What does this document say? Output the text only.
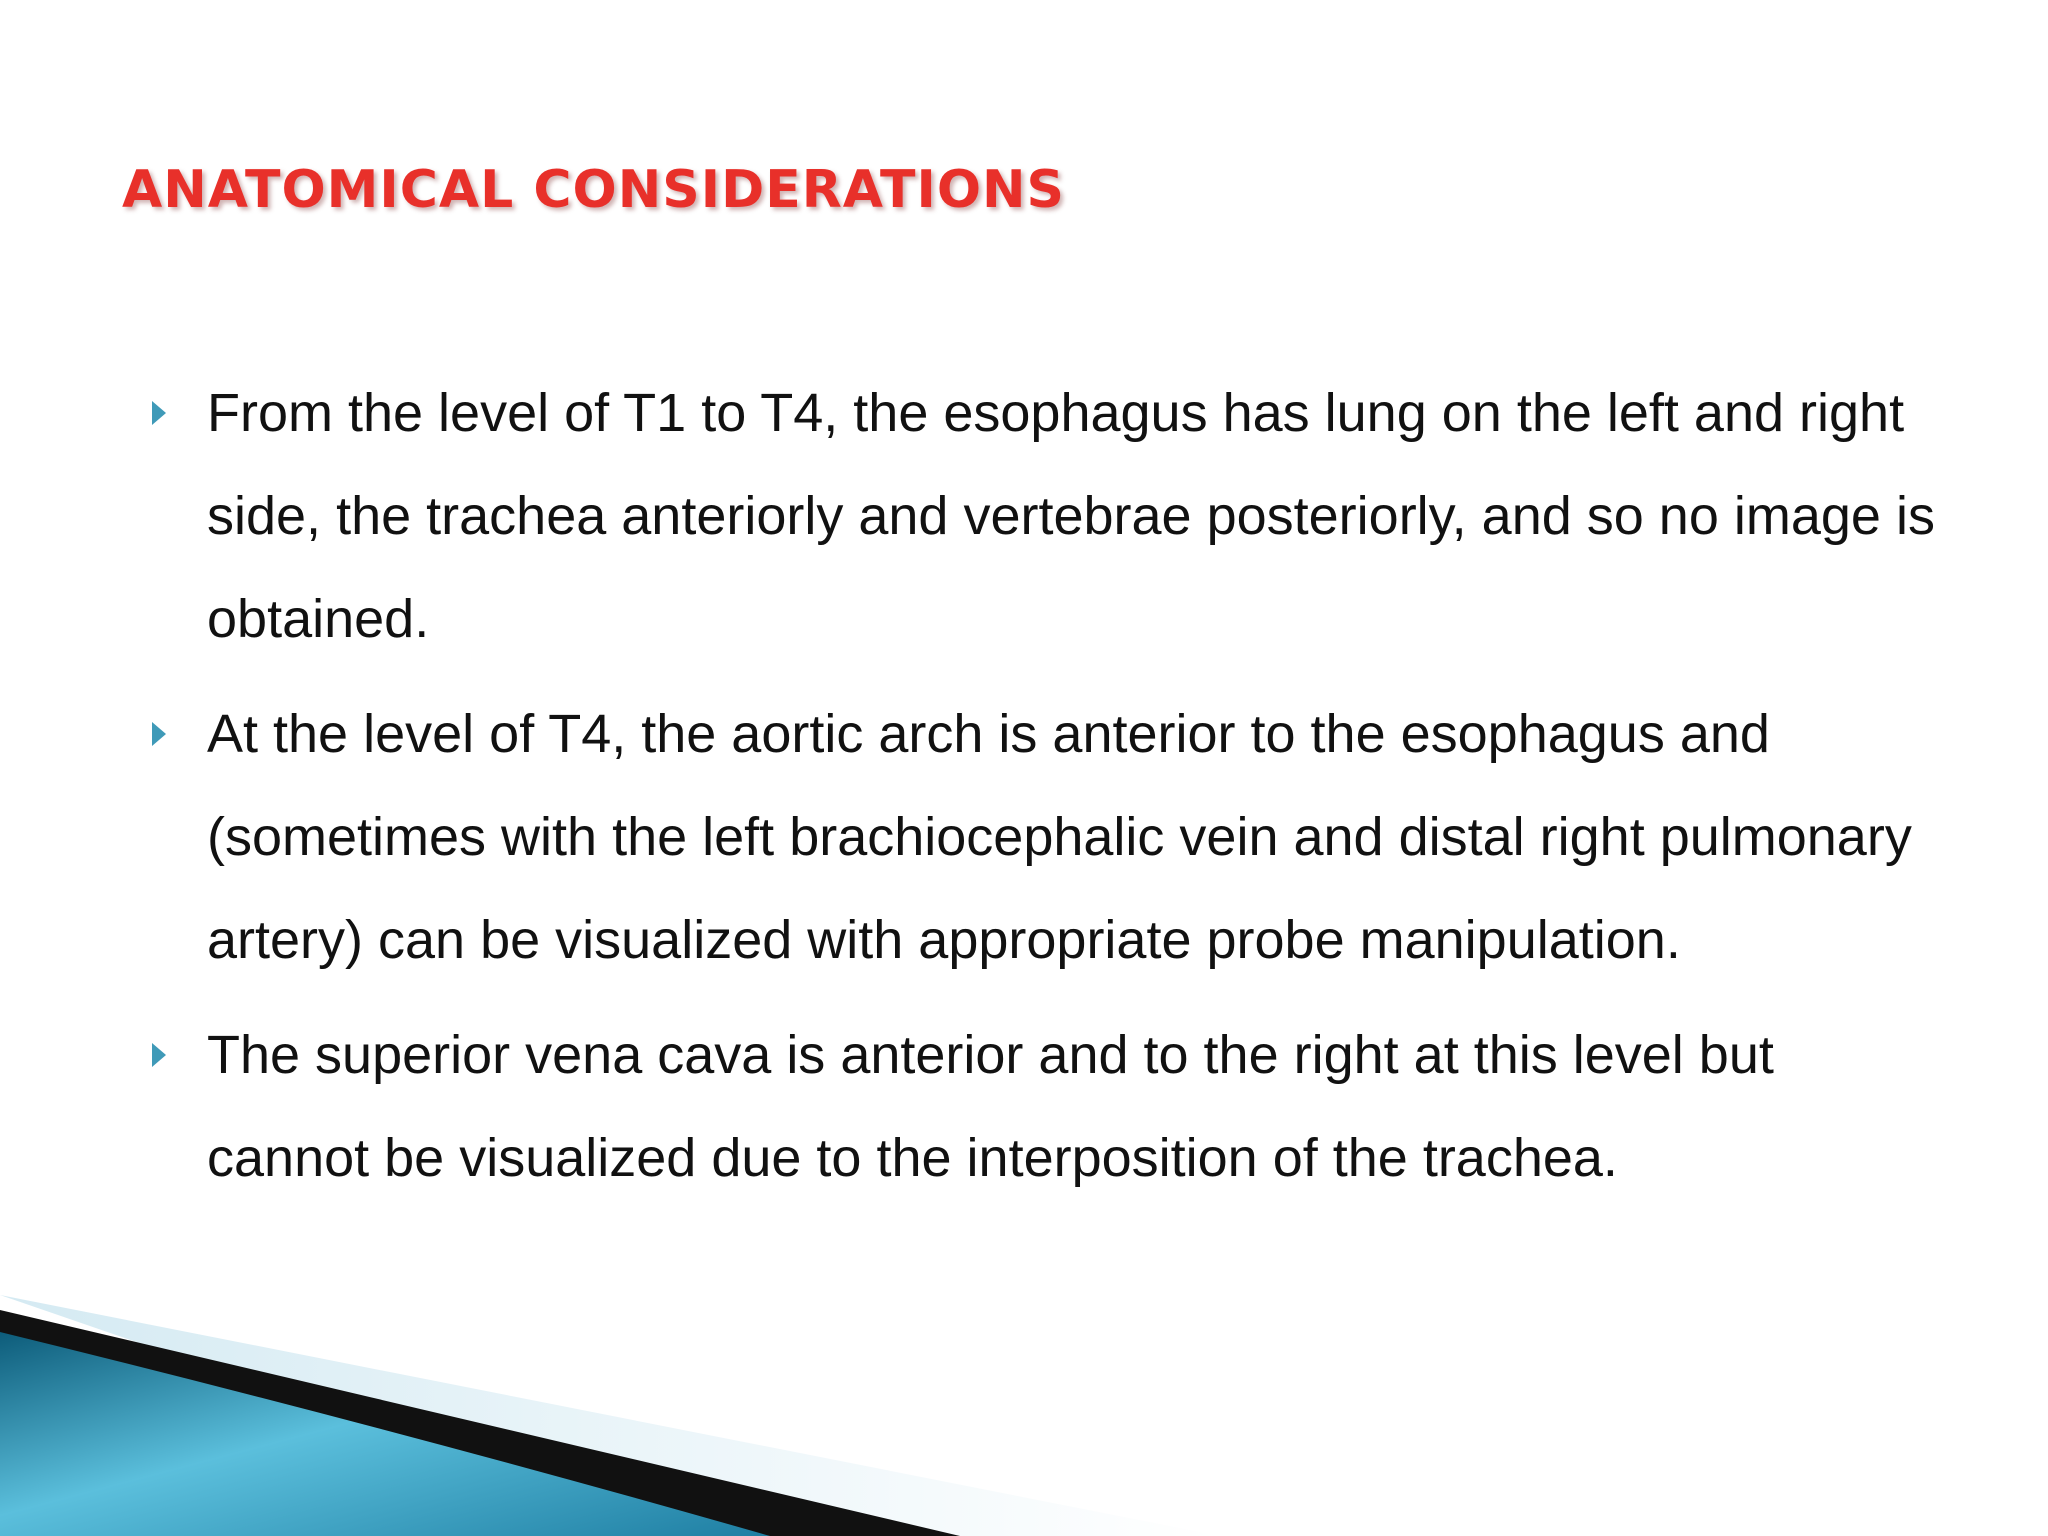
ANATOMICAL CONSIDERATIONS
From the level of T1 to T4, the esophagus has lung on the left and right side, the trachea anteriorly and vertebrae posteriorly, and so no image is obtained.
At the level of T4, the aortic arch is anterior to the esophagus and (sometimes with the left brachiocephalic vein and distal right pulmonary artery) can be visualized with appropriate probe manipulation.
The superior vena cava is anterior and to the right at this level but cannot be visualized due to the interposition of the trachea.
